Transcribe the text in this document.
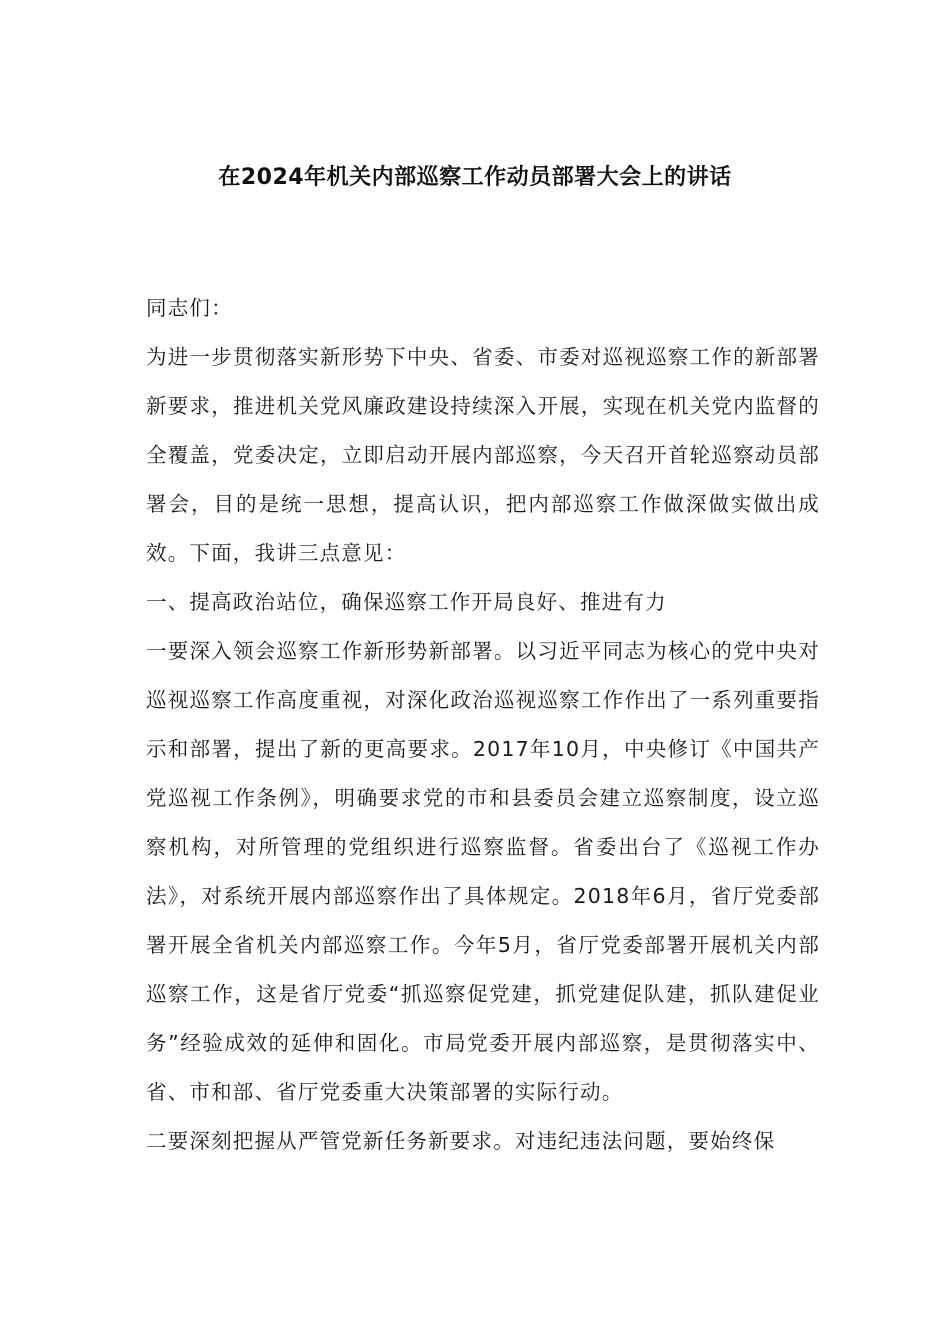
在2024年机关内部巡察工作动员部署大会上的讲话

同志们：

为进一步贯彻落实新形势下中央、省委、市委对巡视巡察工作的新部署新要求，推进机关党风廉政建设持续深入开展，实现在机关党内监督的全覆盖，党委决定，立即启动开展内部巡察，今天召开首轮巡察动员部署会，目的是统一思想，提高认识，把内部巡察工作做深做实做出成效。下面，我讲三点意见：

一、提高政治站位，确保巡察工作开局良好、推进有力

一要深入领会巡察工作新形势新部署。以习近平同志为核心的党中央对巡视巡察工作高度重视，对深化政治巡视巡察工作作出了一系列重要指示和部署，提出了新的更高要求。2017年10月，中央修订《中国共产党巡视工作条例》，明确要求党的市和县委员会建立巡察制度，设立巡察机构，对所管理的党组织进行巡察监督。省委出台了《巡视工作办法》，对系统开展内部巡察作出了具体规定。2018年6月，省厅党委部署开展全省机关内部巡察工作。今年5月，省厅党委部署开展机关内部巡察工作，这是省厅党委“抓巡察促党建，抓党建促队建，抓队建促业务”经验成效的延伸和固化。市局党委开展内部巡察，是贯彻落实中、省、市和部、省厅党委重大决策部署的实际行动。

二要深刻把握从严管党新任务新要求。对违纪违法问题，要始终保
